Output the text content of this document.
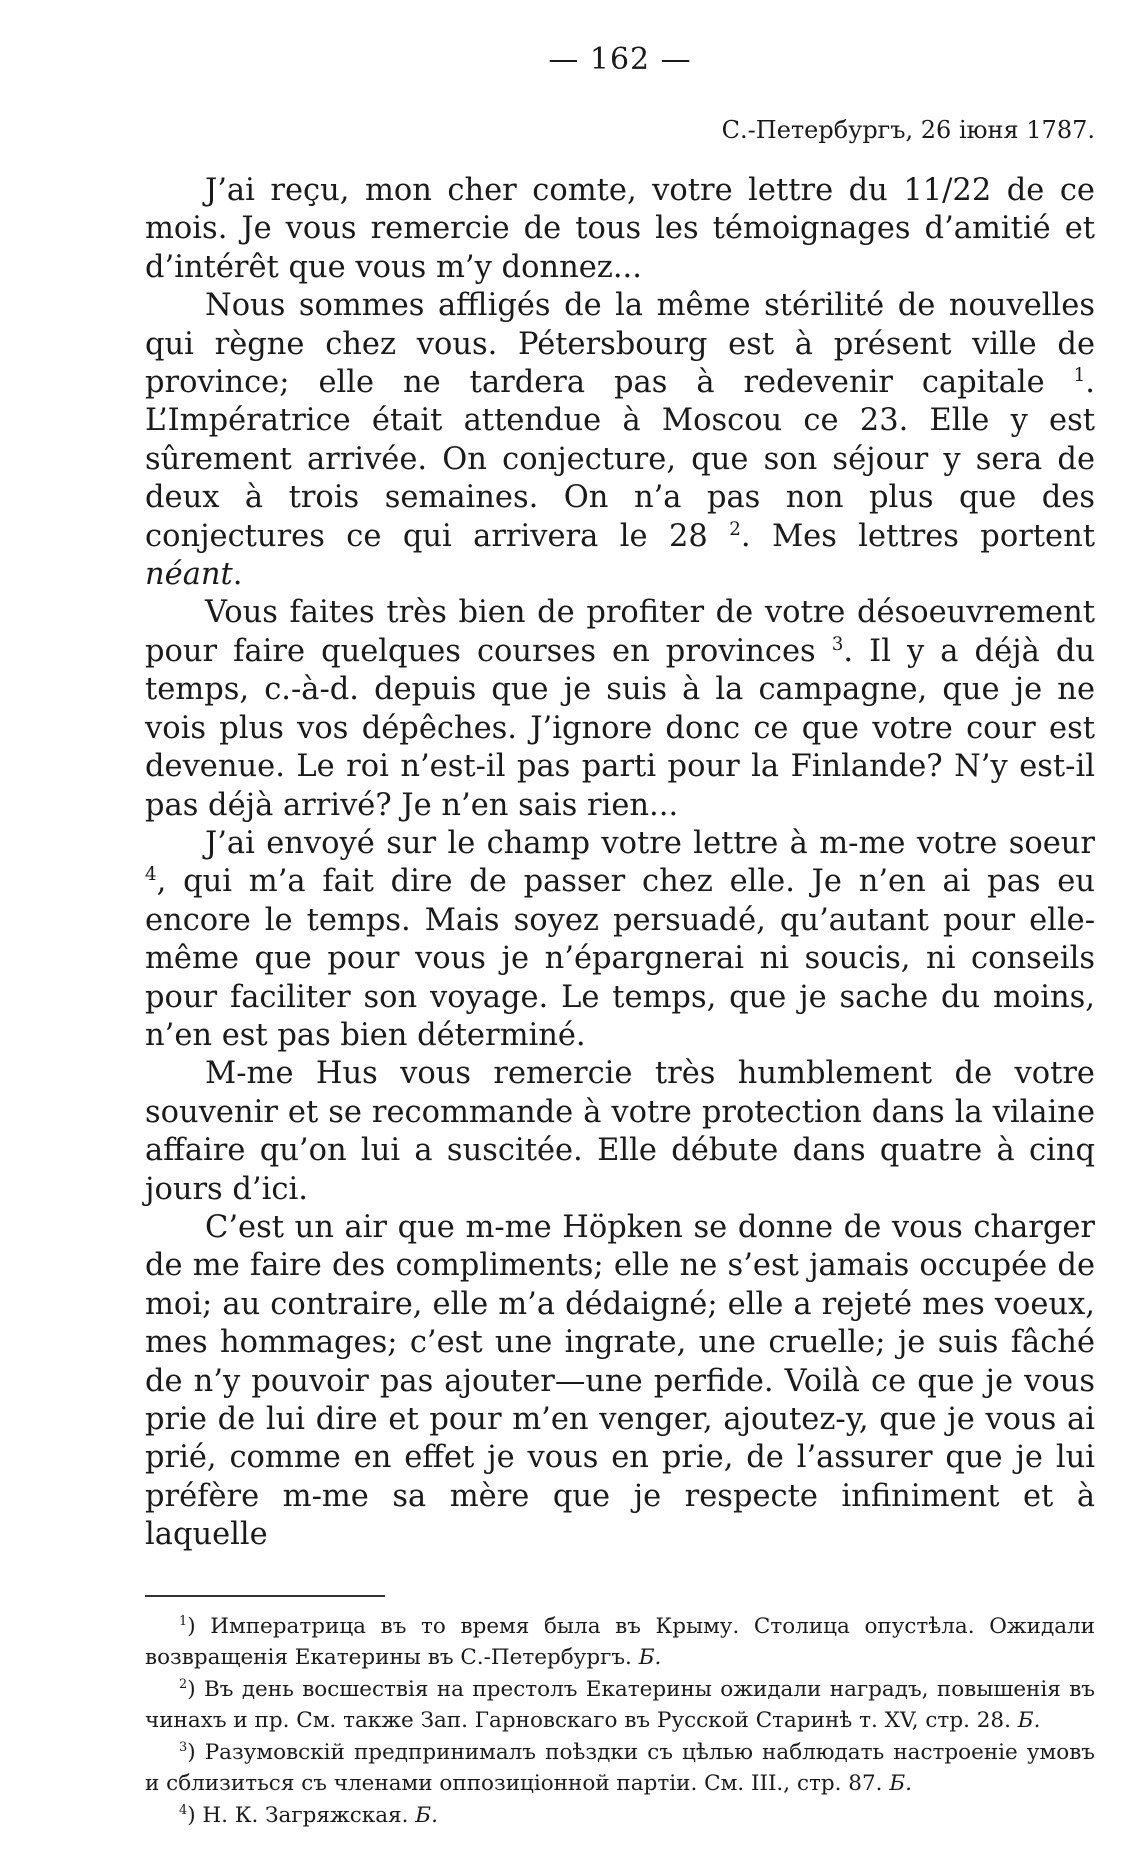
— 162 —
С.-Петербургъ, 26 іюня 1787.

J’ai reçu, mon cher comte, votre lettre du 11/22 de ce mois. Je vous remercie de tous les témoignages d’amitié et d’intérêt que vous m’y donnez...

Nous sommes affligés de la même stérilité de nouvelles qui règne chez vous. Pétersbourg est à présent ville de province; elle ne tardera pas à redevenir capitale $^1$. L’Impératrice était attendue à Moscou ce 23. Elle y est sûrement arrivée. On conjecture, que son séjour y sera de deux à trois semaines. On n’a pas non plus que des conjectures ce qui arrivera le 28 $^2$. Mes lettres portent néant.

Vous faites très bien de profiter de votre désoeuvrement pour faire quelques courses en provinces $^3$. Il y a déjà du temps, c.-à-d. depuis que je suis à la campagne, que je ne vois plus vos dépêches. J’ignore donc ce que votre cour est devenue. Le roi n’est-il pas parti pour la Finlande? N’y est-il pas déjà arrivé? Je n’en sais rien...

J’ai envoyé sur le champ votre lettre à m-me votre soeur $^4$, qui m’a fait dire de passer chez elle. Je n’en ai pas eu encore le temps. Mais soyez persuadé, qu’autant pour elle-même que pour vous je n’épargnerai ni soucis, ni conseils pour faciliter son voyage. Le temps, que je sache du moins, n’en est pas bien déterminé.

M-me Hus vous remercie très humblement de votre souvenir et se recommande à votre protection dans la vilaine affaire qu’on lui a suscitée. Elle débute dans quatre à cinq jours d’ici.

C’est un air que m-me Höpken se donne de vous charger de me faire des compliments; elle ne s’est jamais occupée de moi; au contraire, elle m’a dédaigné; elle a rejeté mes voeux, mes hommages; c’est une ingrate, une cruelle; je suis fâché de n’y pouvoir pas ajouter—une perfide. Voilà ce que je vous prie de lui dire et pour m’en venger, ajoutez-y, que je vous ai prié, comme en effet je vous en prie, de l’assurer que je lui préfère m-me sa mère que je respecte infiniment et à laquelle

$^1$) Императрица въ то время была въ Крыму. Столица опустѣла. Ожидали возвращенія Екатерины въ С.-Петербургъ. Б.

$^2$) Въ день восшествія на престолъ Екатерины ожидали наградъ, повышенія въ чинахъ и пр. См. также Зап. Гарновскаго въ Русской Старинѣ т. XV, стр. 28. Б.

$^3$) Разумовскій предпринималъ поѣздки съ цѣлью наблюдать настроеніе умовъ и сблизиться съ членами оппозиціонной партіи. См. III., стр. 87. Б.

$^4$) Н. К. Загряжская. Б.
